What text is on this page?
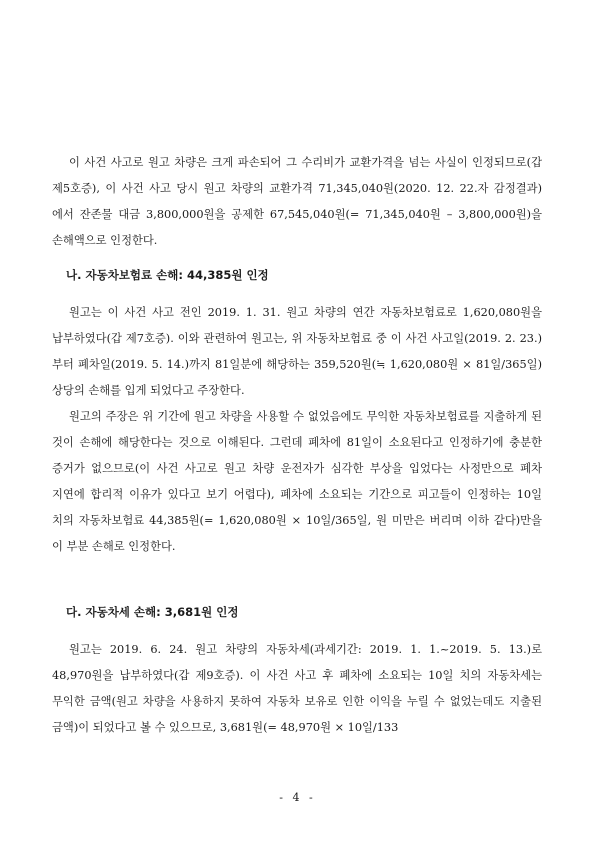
이 사건 사고로 원고 차량은 크게 파손되어 그 수리비가 교환가격을 넘는 사실이 인정되므로(갑 제5호증), 이 사건 사고 당시 원고 차량의 교환가격 71,345,040원(2020. 12. 22.자 감정결과)에서 잔존물 대금 3,800,000원을 공제한 67,545,040원(= 71,345,040원 – 3,800,000원)을 손해액으로 인정한다.

나. 자동차보험료 손해: 44,385원 인정

원고는 이 사건 사고 전인 2019. 1. 31. 원고 차량의 연간 자동차보험료로 1,620,080원을 납부하였다(갑 제7호증). 이와 관련하여 원고는, 위 자동차보험료 중 이 사건 사고일(2019. 2. 23.)부터 폐차일(2019. 5. 14.)까지 81일분에 해당하는 359,520원(≒ 1,620,080원 × 81일/365일) 상당의 손해를 입게 되었다고 주장한다.

원고의 주장은 위 기간에 원고 차량을 사용할 수 없었음에도 무익한 자동차보험료를 지출하게 된 것이 손해에 해당한다는 것으로 이해된다. 그런데 폐차에 81일이 소요된다고 인정하기에 충분한 증거가 없으므로(이 사건 사고로 원고 차량 운전자가 심각한 부상을 입었다는 사정만으로 폐차 지연에 합리적 이유가 있다고 보기 어렵다), 폐차에 소요되는 기간으로 피고들이 인정하는 10일 치의 자동차보험료 44,385원(= 1,620,080원 × 10일/365일, 원 미만은 버리며 이하 같다)만을 이 부분 손해로 인정한다.

다. 자동차세 손해: 3,681원 인정

원고는 2019. 6. 24. 원고 차량의 자동차세(과세기간: 2019. 1. 1.~2019. 5. 13.)로 48,970원을 납부하였다(갑 제9호증). 이 사건 사고 후 폐차에 소요되는 10일 치의 자동차세는 무익한 금액(원고 차량을 사용하지 못하여 자동차 보유로 인한 이익을 누릴 수 없었는데도 지출된 금액)이 되었다고 볼 수 있으므로, 3,681원(= 48,970원 × 10일/133

- 4 -
